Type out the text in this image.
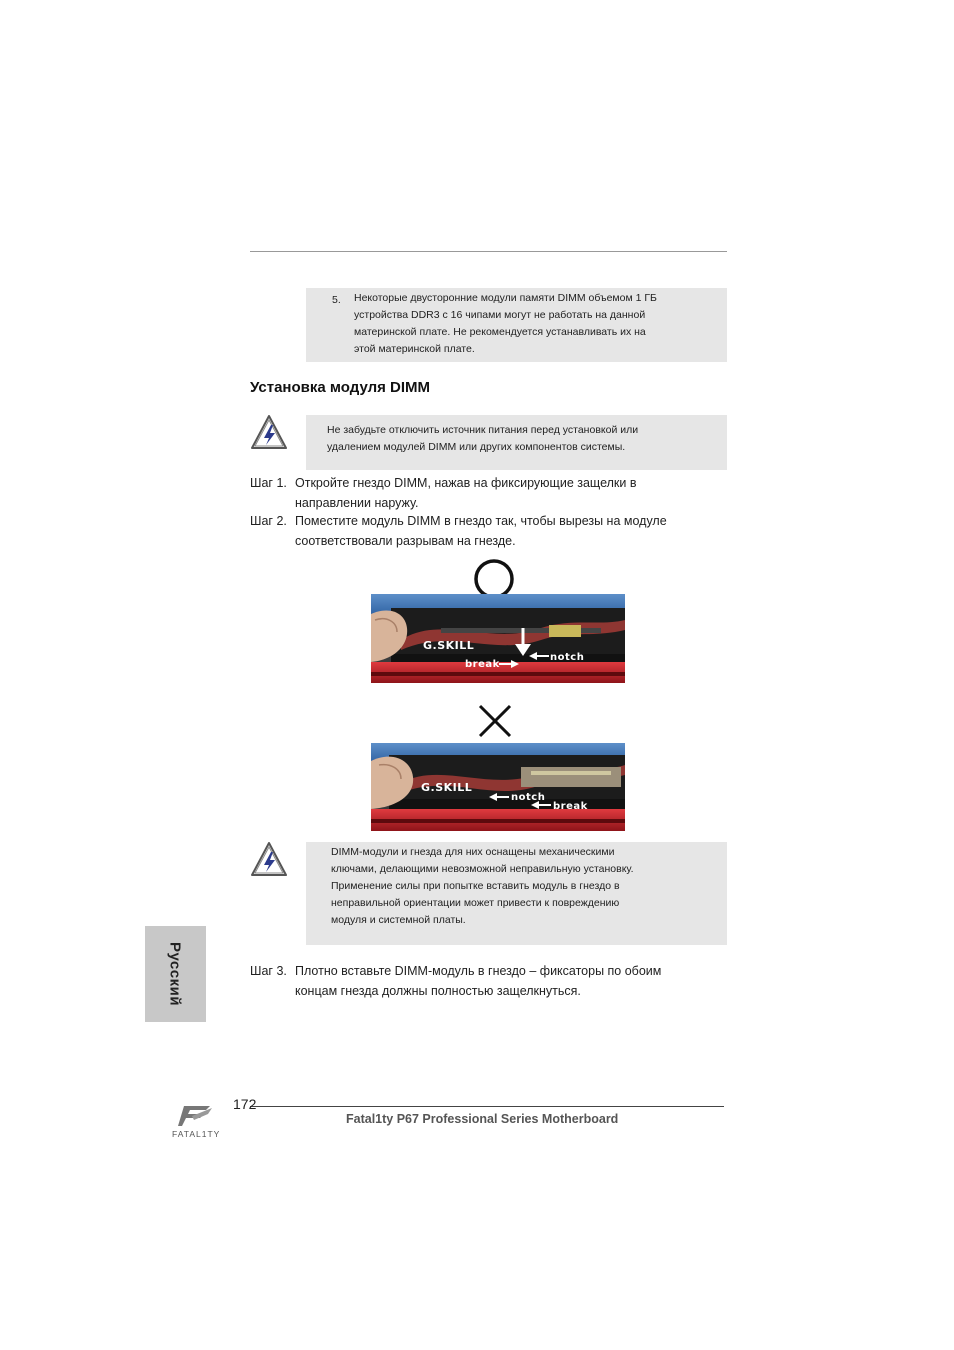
5. Некоторые двусторонние модули памяти DIMM объемом 1 ГБ
устройства DDR3 с 16 чипами могут не работать на данной
материнской плате. Не рекомендуется устанавливать их на
этой материнской плате.
Установка модуля DIMM
Не забудьте отключить источник питания перед установкой или
удалением модулей DIMM или других компонентов системы.
Шаг 1. Откройте гнездо DIMM, нажав на фиксирующие защелки в
направлении наружу.
Шаг 2. Поместите модуль DIMM в гнездо так, чтобы вырезы на модуле
соответствовали разрывам на гнезде.
G.SKILL
notch
break
G.SKILL
notch
break
DIMM-модули и гнезда для них оснащены механическими
ключами, делающими невозможной неправильную установку.
Применение силы при попытке вставить модуль в гнездо в
неправильной ориентации может привести к повреждению
модуля и системной платы.
Русский	Шаг 3. Плотно вставьте DIMM-модуль в гнездо – фиксаторы по обоим
концам гнезда должны полностью защелкнуться.
172
Fatal1ty P67 Professional Series Motherboard
FATAL1TY
